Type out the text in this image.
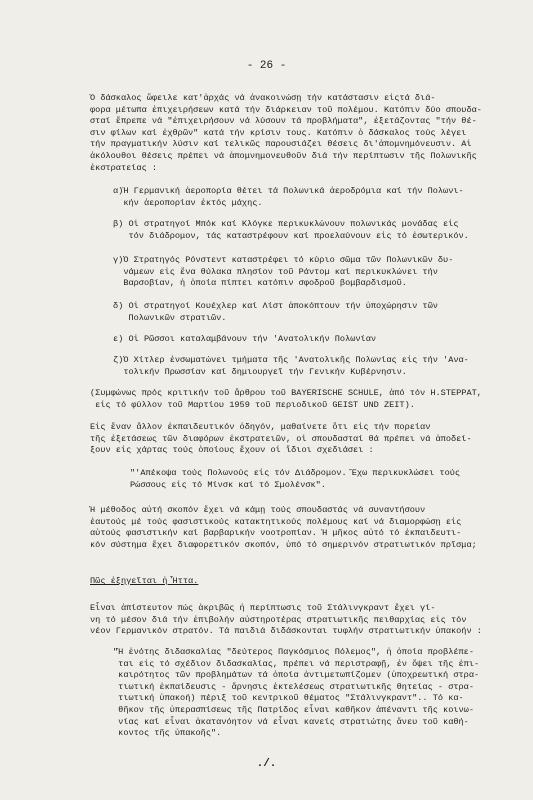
- 26 -
Ὁ δάσκαλος ὤφειλε κατ'ἀρχάς νά ἀνακοινώσῃ τήν κατάστασιν εἰςτά διά-
φορα μέτωπα ἐπιχειρήσεων κατά τήν διάρκειαν τοῦ πολέμου. Κατόπιν δύο σπουδα-
σταί ἔπρεπε νά "ἐπιχειρήσουν νά λύσουν τά προβλήματα", ἐξετάζοντας "τήν θέ-
σιν φίλων καί ἐχθρῶν" κατά τήν κρίσιν τους. Κατόπιν ὁ δάσκαλος τούς λέγει
τήν πραγματικήν λύσιν καί τελικῶς παρουσιάζει θέσεις δι'ἀπομνημόνευσιν. Αἱ
ἀκόλουθοι θέσεις πρέπει νά ἀπομνημονευθοῦν διά τήν περίπτωσιν τῆς Πολωνικῆς
ἐκστρατείας :
α)Ἡ Γερμανική ἀεροπορία θέτει τά Πολωνικά ἀεροδρόμια καί τήν Πολωνι-
κήν ἀεροπορίαν ἐκτός μάχης.
β) Οἱ στρατηγοί Μπόκ καί Κλόγκε περικυκλώνουν πολωνικάς μονάδας εἰς
τόν διάδρομον, τάς καταστρέφουν καί προελαύνουν εἰς τό ἐσωτερικόν.
γ)Ὁ Στρατηγός Ρόνστεντ καταστρέφει τό κύριο σῶμα τῶν Πολωνικῶν δυ-
νάμεων εἰς ἕνα θύλακα πλησίον τοῦ Ράντομ καί περικυκλώνει τήν
Βαρσοβίαν, ἡ ὁποία πίπτει κατόπιν σφοδροῦ βομβαρδισμοῦ.
δ) Οἱ στρατηγοί Κουέχλερ καί Λίστ ἀποκόπτουν τήν ὑποχώρησιν τῶν
Πολωνικῶν στρατιῶν.
ε) Οἱ Ρῶσσοι καταλαμβάνουν τήν 'Ανατολικήν Πολωνίαν
ζ)Ὁ Χίτλερ ἐνσωματώνει τμήματα τῆς 'Ανατολικῆς Πολωνίας εἰς τήν 'Ανα-
τολικήν Πρωσσίαν καί δημιουργεῖ τήν Γενικήν Κυβέρνησιν.
(Συμφώνως πρός κριτικήν τοῦ ἄρθρου τοῦ BAYERISCHE SCHULE, ἀπό τόν H.STEPPAT,
εἰς τό φύλλον τοῦ Μαρτίου 1959 τοῦ περιοδικοῦ GEIST UND ZEIT).
Εἰς ἕναν ἄλλον ἐκπαιδευτικόν ὁδηγόν, μαθαίνετε ὅτι εἰς τήν πορείαν
τῆς ἐξετάσεως τῶν διαφόρων ἐκστρατειῶν, οἱ σπουδασταί θά πρέπει νά ἀποδεί-
ξουν εἰς χάρτας τούς ὁποίους ἔχουν οἱ ἴδιοι σχεδιάσει :
"'Απέκοψα τούς Πολωνούς εἰς τόν Διάδρομον. Ἔχω περικυκλώσει τούς
Ρώσσους εἰς τό Μίνσκ καί τό Σμολένσκ".
Ἡ μέθοδος αὐτή σκοπόν ἔχει νά κάμῃ τούς σπουδαστάς νά συναντήσουν
ἑαυτούς μέ τούς φασιστικούς κατακτητικούς πολέμους καί νά διαμορφώσῃ εἰς
αὐτούς φασιστικήν καί βαρβαρικήν νοοτροπίαν. Ἡ μῆκος αὐτό τό ἐκπαιδευτι-
κόν σύστημα ἔχει διαφορετικόν σκοπόν, ὑπό τό σημερινόν στρατιωτικόν πρῖσμα;
Πῶς ἐξηγεῖται ἡ Ἧττα.
Εἶναι ἀπίστευτον πώς ἀκριβῶς ἡ περίπτωσις τοῦ Στάλινγκραντ ἔχει γί-
νη τό μέσον διά τήν ἐπιβολήν αὐστηροτέρας στρατιωτικῆς πειθαρχίας εἰς τόν
νέον Γερμανικόν στρατόν. Τά παιδιά διδάσκονται τυφλήν στρατιωτικήν ὑπακοήν :
"Ἡ ἑνότης διδασκαλίας "δεύτερος Παγκόσμιος Πόλεμος", ἡ ὁποία προβλέπε-
ται εἰς τό σχέδιον διδασκαλίας, πρέπει νά περιστραφῇ, ἐν ὄψει τῆς ἐπι-
καιρότητος τῶν προβλημάτων τά ὁποία ἀντιμετωπίζομεν (ὑποχρεωτική στρα-
τιωτική ἐκπαίδευσις - ἄρνησις ἐκτελέσεως στρατιωτικῆς θητείας - στρα-
τιωτική ὑπακοή) πέριξ τοῦ κεντρικοῦ θέματος "Στάλινγκραντ".. Τό κα-
θῆκον τῆς ὑπερασπίσεως τῆς Πατρίδος εἶναι καθῆκον ἀπέναντι τῆς κοινω-
νίας καί εἶναι ἀκατανόητον νά εἶναι κανείς στρατιώτης ἄνευ τοῦ καθή-
κοντος τῆς ὑπακοῆς".
./.
